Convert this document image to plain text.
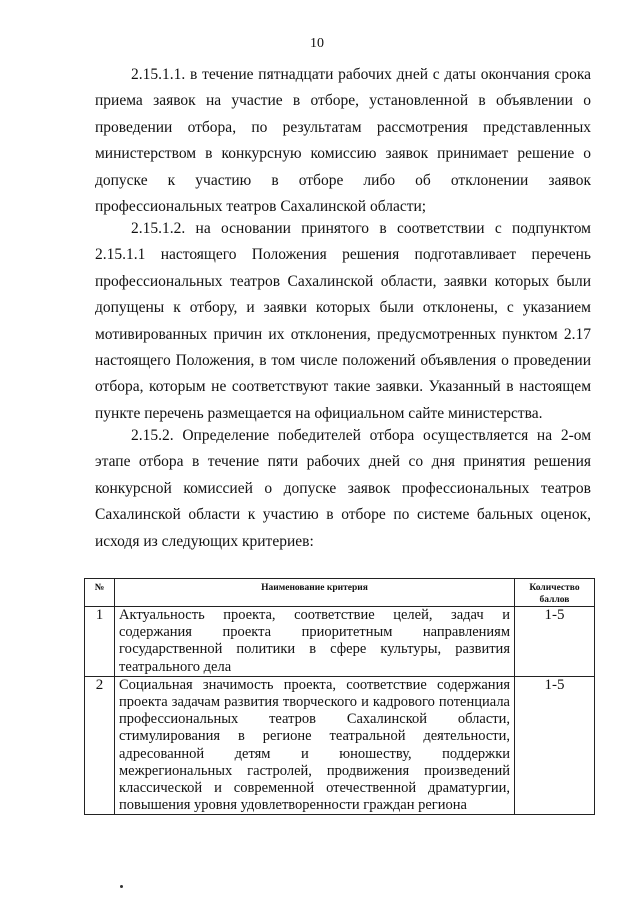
10

2.15.1.1. в течение пятнадцати рабочих дней с даты окончания срока приема заявок на участие в отборе, установленной в объявлении о проведении отбора, по результатам рассмотрения представленных министерством в конкурсную комиссию заявок принимает решение о допуске к участию в отборе либо об отклонении заявок профессиональных театров Сахалинской области;

2.15.1.2. на основании принятого в соответствии с подпунктом 2.15.1.1 настоящего Положения решения подготавливает перечень профессиональных театров Сахалинской области, заявки которых были допущены к отбору, и заявки которых были отклонены, с указанием мотивированных причин их отклонения, предусмотренных пунктом 2.17 настоящего Положения, в том числе положений объявления о проведении отбора, которым не соответствуют такие заявки. Указанный в настоящем пункте перечень размещается на официальном сайте министерства.

2.15.2. Определение победителей отбора осуществляется на 2-ом этапе отбора в течение пяти рабочих дней со дня принятия решения конкурсной комиссией о допуске заявок профессиональных театров Сахалинской области к участию в отборе по системе бальных оценок, исходя из следующих критериев:

№	Наименование критерия	Количество баллов
1	Актуальность проекта, соответствие целей, задач и содержания проекта приоритетным направлениям государственной политики в сфере культуры, развития театрального дела	1-5
2	Социальная значимость проекта, соответствие содержания проекта задачам развития творческого и кадрового потенциала профессиональных театров Сахалинской области, стимулирования в регионе театральной деятельности, адресованной детям и юношеству, поддержки межрегиональных гастролей, продвижения произведений классической и современной отечественной драматургии, повышения уровня удовлетворенности граждан региона	1-5
